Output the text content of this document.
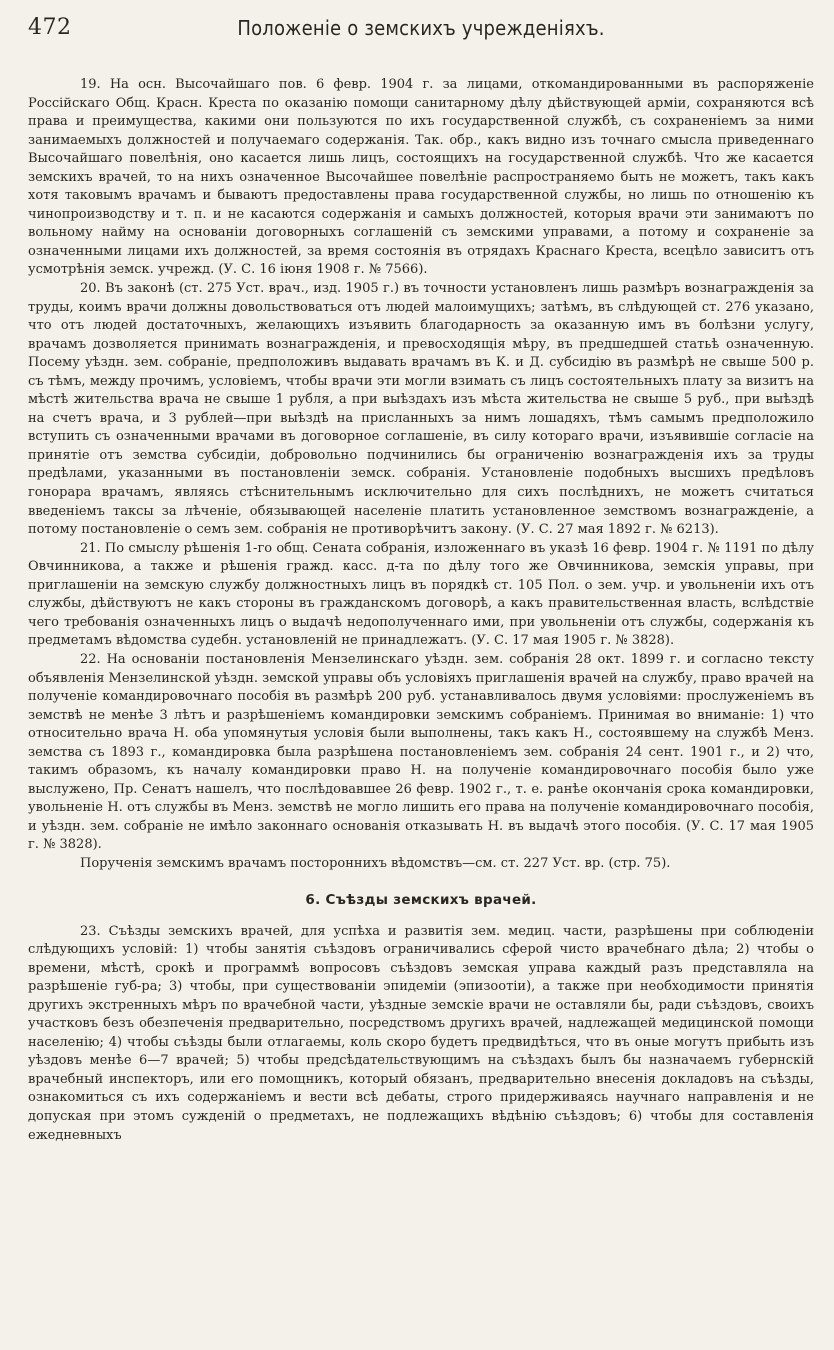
472	Положеніе о земскихъ учрежденіяхъ.

19. На осн. Высочайшаго пов. 6 февр. 1904 г. за лицами, откомандированными въ распоряженіе Россійскаго Общ. Красн. Креста по оказанію помощи санитарному дѣлу дѣйствующей арміи, сохраняются всѣ права и преимущества, какими они пользуются по ихъ государственной службѣ, съ сохраненіемъ за ними занимаемыхъ должностей и получаемаго содержанія. Так. обр., какъ видно изъ точнаго смысла приведеннаго Высочайшаго повелѣнія, оно касается лишь лицъ, состоящихъ на государственной службѣ. Что же касается земскихъ врачей, то на нихъ означенное Высочайшее повелѣніе распространяемо быть не можетъ, такъ какъ хотя таковымъ врачамъ и бываютъ предоставлены права государственной службы, но лишь по отношенію къ чинопроизводству и т. п. и не касаются содержанія и самыхъ должностей, которыя врачи эти занимаютъ по вольному найму на основаніи договорныхъ соглашеній съ земскими управами, а потому и сохраненіе за означенными лицами ихъ должностей, за время состоянія въ отрядахъ Краснаго Креста, всецѣло зависитъ отъ усмотрѣнія земск. учрежд. (У. С. 16 іюня 1908 г. № 7566).

20. Въ законѣ (ст. 275 Уст. врач., изд. 1905 г.) въ точности установленъ лишь размѣръ вознагражденія за труды, коимъ врачи должны довольствоваться отъ людей малоимущихъ; затѣмъ, въ слѣдующей ст. 276 указано, что отъ людей достаточныхъ, желающихъ изъявить благодарность за оказанную имъ въ болѣзни услугу, врачамъ дозволяется принимать вознагражденія, и превосходящія мѣру, въ предшедшей статьѣ означенную. Посему уѣздн. зем. собраніе, предположивъ выдавать врачамъ въ К. и Д. субсидію въ размѣрѣ не свыше 500 р. съ тѣмъ, между прочимъ, условіемъ, чтобы врачи эти могли взимать съ лицъ состоятельныхъ плату за визитъ на мѣстѣ жительства врача не свыше 1 рубля, а при выѣздахъ изъ мѣста жительства не свыше 5 руб., при выѣздѣ на счетъ врача, и 3 рублей—при выѣздѣ на присланныхъ за нимъ лошадяхъ, тѣмъ самымъ предположило вступить съ означенными врачами въ договорное соглашеніе, въ силу котораго врачи, изъявившіе согласіе на принятіе отъ земства субсидіи, добровольно подчинились бы ограниченію вознагражденія ихъ за труды предѣлами, указанными въ постановленіи земск. собранія. Установленіе подобныхъ высшихъ предѣловъ гонорара врачамъ, являясь стѣснительнымъ исключительно для сихъ послѣднихъ, не можетъ считаться введеніемъ таксы за лѣченіе, обязывающей населеніе платить установленное земствомъ вознагражденіе, а потому постановленіе о семъ зем. собранія не противорѣчитъ закону. (У. С. 27 мая 1892 г. № 6213).

21. По смыслу рѣшенія 1-го общ. Сената собранія, изложеннаго въ указѣ 16 февр. 1904 г. № 1191 по дѣлу Овчинникова, а также и рѣшенія гражд. касс. д-та по дѣлу того же Овчинникова, земскія управы, при приглашеніи на земскую службу должностныхъ лицъ въ порядкѣ ст. 105 Пол. о зем. учр. и увольненіи ихъ отъ службы, дѣйствуютъ не какъ стороны въ гражданскомъ договорѣ, а какъ правительственная власть, вслѣдствіе чего требованія означенныхъ лицъ о выдачѣ недополученнаго ими, при увольненіи отъ службы, содержанія къ предметамъ вѣдомства судебн. установленій не принадлежатъ. (У. С. 17 мая 1905 г. № 3828).

22. На основаніи постановленія Мензелинскаго уѣздн. зем. собранія 28 окт. 1899 г. и согласно тексту объявленія Мензелинской уѣздн. земской управы объ условіяхъ приглашенія врачей на службу, право врачей на полученіе командировочнаго пособія въ размѣрѣ 200 руб. устанавливалось двумя условіями: прослуженіемъ въ земствѣ не менѣе 3 лѣтъ и разрѣшеніемъ командировки земскимъ собраніемъ. Принимая во вниманіе: 1) что относительно врача Н. оба упомянутыя условія были выполнены, такъ какъ Н., состоявшему на службѣ Менз. земства съ 1893 г., командировка была разрѣшена постановленіемъ зем. собранія 24 сент. 1901 г., и 2) что, такимъ образомъ, къ началу командировки право Н. на полученіе командировочнаго пособія было уже выслужено, Пр. Сенатъ нашелъ, что послѣдовавшее 26 февр. 1902 г., т. е. ранѣе окончанія срока командировки, увольненіе Н. отъ службы въ Менз. земствѣ не могло лишить его права на полученіе командировочнаго пособія, и уѣздн. зем. собраніе не имѣло законнаго основанія отказывать Н. въ выдачѣ этого пособія. (У. С. 17 мая 1905 г. № 3828).

Порученія земскимъ врачамъ постороннихъ вѣдомствъ—см. ст. 227 Уст. вр. (стр. 75).

6. Съѣзды земскихъ врачей.

23. Съѣзды земскихъ врачей, для успѣха и развитія зем. медиц. части, разрѣшены при соблюденіи слѣдующихъ условій: 1) чтобы занятія съѣздовъ ограничивались сферой чисто врачебнаго дѣла; 2) чтобы о времени, мѣстѣ, срокѣ и программѣ вопросовъ съѣздовъ земская управа каждый разъ представляла на разрѣшеніе губ-ра; 3) чтобы, при существованіи эпидеміи (эпизоотіи), а также при необходимости принятія другихъ экстренныхъ мѣръ по врачебной части, уѣздные земскіе врачи не оставляли бы, ради съѣздовъ, своихъ участковъ безъ обезпеченія предварительно, посредствомъ другихъ врачей, надлежащей медицинской помощи населенію; 4) чтобы съѣзды были отлагаемы, коль скоро будетъ предвидѣться, что въ оные могутъ прибыть изъ уѣздовъ менѣе 6—7 врачей; 5) чтобы предсѣдательствующимъ на съѣздахъ былъ бы назначаемъ губернскій врачебный инспекторъ, или его помощникъ, который обязанъ, предварительно внесенія докладовъ на съѣзды, ознакомиться съ ихъ содержаніемъ и вести всѣ дебаты, строго придерживаясь научнаго направленія и не допуская при этомъ сужденій о предметахъ, не подлежащихъ вѣдѣнію съѣздовъ; 6) чтобы для составленія ежедневныхъ
